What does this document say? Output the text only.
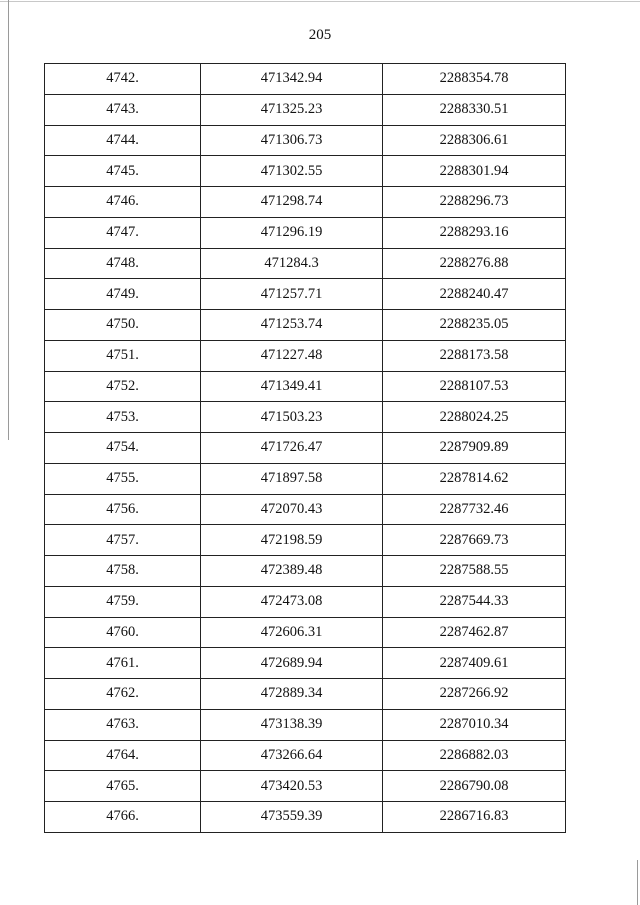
205
4742.	471342.94	2288354.78
4743.	471325.23	2288330.51
4744.	471306.73	2288306.61
4745.	471302.55	2288301.94
4746.	471298.74	2288296.73
4747.	471296.19	2288293.16
4748.	471284.3	2288276.88
4749.	471257.71	2288240.47
4750.	471253.74	2288235.05
4751.	471227.48	2288173.58
4752.	471349.41	2288107.53
4753.	471503.23	2288024.25
4754.	471726.47	2287909.89
4755.	471897.58	2287814.62
4756.	472070.43	2287732.46
4757.	472198.59	2287669.73
4758.	472389.48	2287588.55
4759.	472473.08	2287544.33
4760.	472606.31	2287462.87
4761.	472689.94	2287409.61
4762.	472889.34	2287266.92
4763.	473138.39	2287010.34
4764.	473266.64	2286882.03
4765.	473420.53	2286790.08
4766.	473559.39	2286716.83
